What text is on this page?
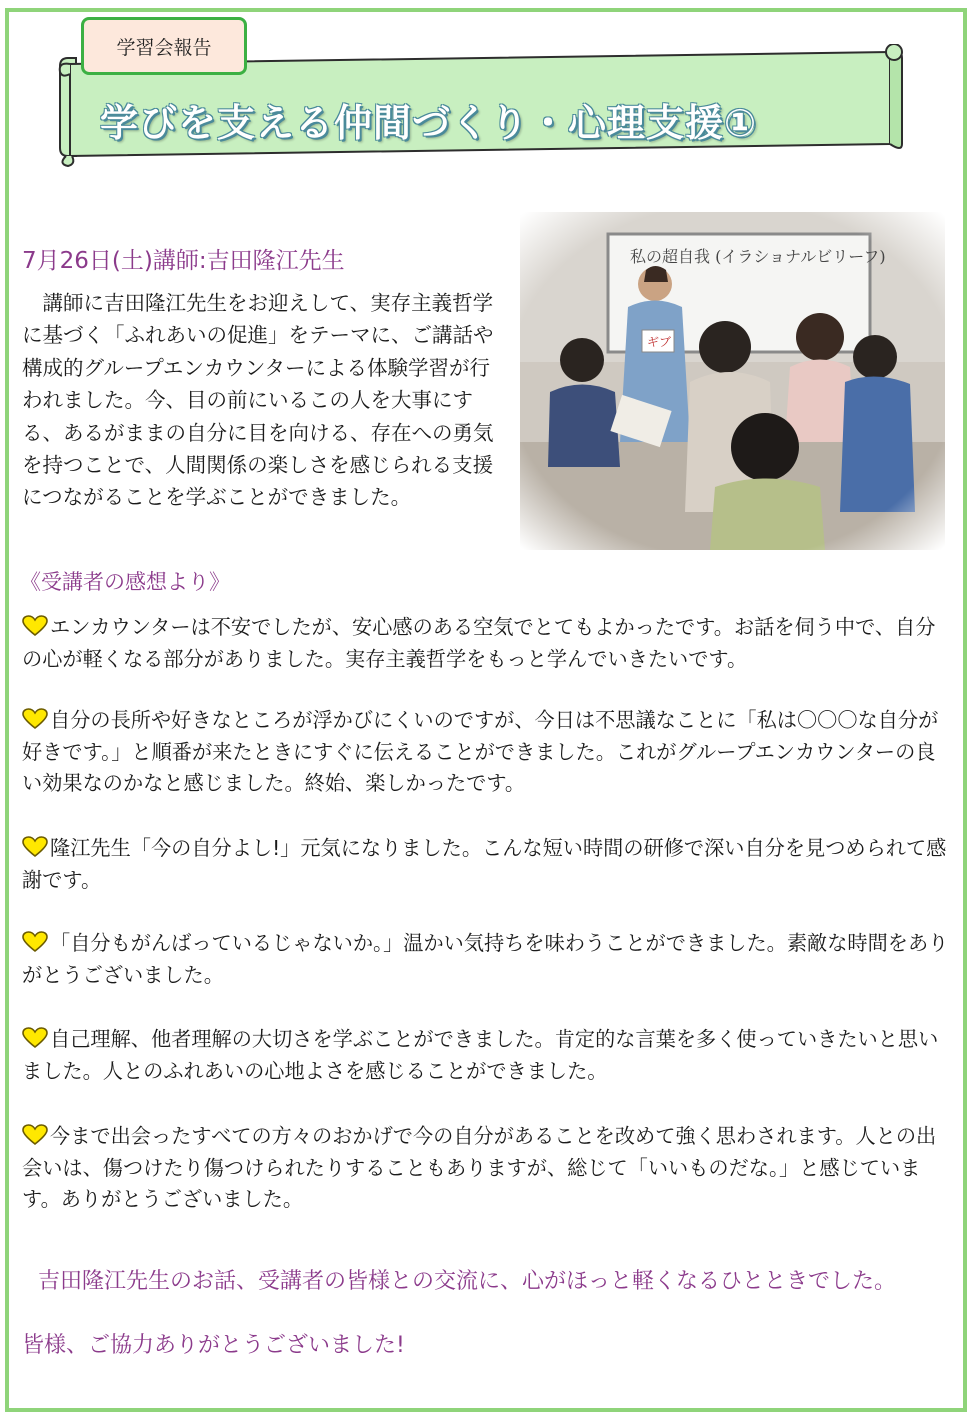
学習会報告
学びを支える仲間づくり・心理支援①
7月26日(土)講師:吉田隆江先生

講師に吉田隆江先生をお迎えして、実存主義哲学に基づく「ふれあいの促進」をテーマに、ご講話や構成的グループエンカウンターによる体験学習が行われました。今、目の前にいるこの人を大事にする、あるがままの自分に目を向ける、存在への勇気を持つことで、人間関係の楽しさを感じられる支援につながることを学ぶことができました。

《受講者の感想より》

エンカウンターは不安でしたが、安心感のある空気でとてもよかったです。お話を伺う中で、自分の心が軽くなる部分がありました。実存主義哲学をもっと学んでいきたいです。

自分の長所や好きなところが浮かびにくいのですが、今日は不思議なことに「私は〇〇〇な自分が好きです。」と順番が来たときにすぐに伝えることができました。これがグループエンカウンターの良い効果なのかなと感じました。終始、楽しかったです。

隆江先生「今の自分よし!」元気になりました。こんな短い時間の研修で深い自分を見つめられて感謝です。

「自分もがんばっているじゃないか。」温かい気持ちを味わうことができました。素敵な時間をありがとうございました。

自己理解、他者理解の大切さを学ぶことができました。肯定的な言葉を多く使っていきたいと思いました。人とのふれあいの心地よさを感じることができました。

今まで出会ったすべての方々のおかげで今の自分があることを改めて強く思わされます。人との出会いは、傷つけたり傷つけられたりすることもありますが、総じて「いいものだな。」と感じています。ありがとうございました。

吉田隆江先生のお話、受講者の皆様との交流に、心がほっと軽くなるひとときでした。
皆様、ご協力ありがとうございました!
